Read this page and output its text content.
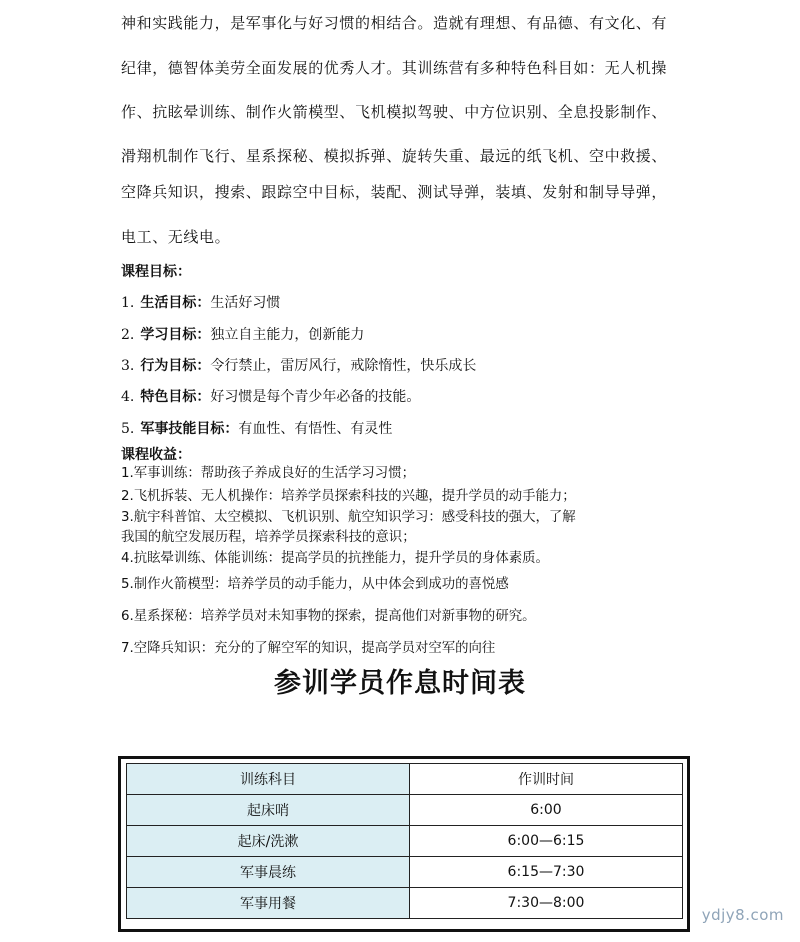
神和实践能力，是军事化与好习惯的相结合。造就有理想、有品德、有文化、有
纪律，德智体美劳全面发展的优秀人才。其训练营有多种特色科目如：无人机操
作、抗眩晕训练、制作火箭模型、飞机模拟驾驶、中方位识别、全息投影制作、
滑翔机制作飞行、星系探秘、模拟拆弹、旋转失重、最远的纸飞机、空中救援、
空降兵知识，搜索、跟踪空中目标，装配、测试导弹，装填、发射和制导导弹，
电工、无线电。
课程目标：
1. 生活目标：生活好习惯
2. 学习目标：独立自主能力，创新能力
3. 行为目标：令行禁止，雷厉风行，戒除惰性，快乐成长
4. 特色目标：好习惯是每个青少年必备的技能。
5. 军事技能目标：有血性、有悟性、有灵性
课程收益：
1.军事训练：帮助孩子养成良好的生活学习习惯；
2.飞机拆装、无人机操作：培养学员探索科技的兴趣，提升学员的动手能力；
3.航宇科普馆、太空模拟、飞机识别、航空知识学习：感受科技的强大，了解
我国的航空发展历程，培养学员探索科技的意识；
4.抗眩晕训练、体能训练：提高学员的抗挫能力，提升学员的身体素质。
5.制作火箭模型：培养学员的动手能力，从中体会到成功的喜悦感
6.星系探秘：培养学员对未知事物的探索，提高他们对新事物的研究。
7.空降兵知识：充分的了解空军的知识，提高学员对空军的向往
参训学员作息时间表
训练科目	作训时间
起床哨	6:00
起床/洗漱	6:00—6:15
军事晨练	6:15—7:30
军事用餐	7:30—8:00
ydjy8.com
